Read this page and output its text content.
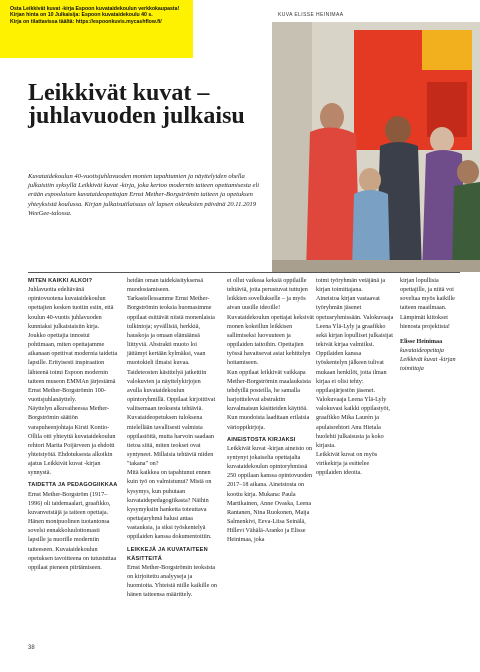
Osta Leikkivät kuvat -kirja Espoon kuvataidekoulun verkkokaupasta!

Kirjan hinta on 10 Julkaisija: Espoon kuvataidekoulu 40 s.

Kirja on tilattavissa täältä: https://espoonkuvis.mycashflow.fi/

KUVA ELISSE HEINIMAA
Leikkivät kuvat – juhlavuoden julkaisu

Kuvataidekoulun 40-vuotisjuhlavuoden monien tapahtumien ja näyttelyiden ohella julkaistiin syksyllä Leikkivät kuvat -kirja, joka kertoo modernin taiteen opettamisesta eli erään espoolaisen kuvataideopettajan Ernst Mether-Borgströmin taiteen ja opetuksen yhteyksistä koulussa. Kirjan julkaisutilaisuus oli lapsen oikeuksien päivänä 20.11.2019 WeeGee-talossa.

MITEN KAIKKI ALKOI?

Juhlavuotta edeltävänä opintovuotena kuvataidekoulun opettajien kesken tuotiin esiin, että koulun 40-vuotis juhlavuoden kunniaksi julkaistaisiin kirja. Joukko opettajia innostui pohtimaan, miten opettajamme aikanaan opettivat modernia taidetta lapsille. Erityisesti inspiraation lähteenä toimi Espoon modernin taiteen museon EMMAn järjestämä Ernst Mether-Borgströmin 100-vuotisjuhlanäyttely.

Näyttelyn alkuvaiheessa Mether-Borgströmin säätiön varapuheenjohtaja Kirsti Kontio-Ollila otti yhteyttä kuvataidekoulun rehtori Marita Poijärveen ja ehdotti yhteistyötä. Ehdotuksesta alkoikin ajatus Leikkivät kuvat -kirjan synnystä.

TAIDETTA JA PEDAGOGIIKKAA

Ernst Mether-Borgström (1917–1996) oli taidemaalari, graafikko, kuvanveistäjä ja taiteen opettaja. Hänen monipuolinen tuotantonsa sovelsi ennakkoluulottomasti lapsille ja nuorille moderniin taiteeseen. Kuvataidekoulun opetuksen tavoitteena on tutustuttaa oppilaat pieneen piirtämiseen.

heidän oman taidekäsityksensä muodostamiseen.

Tarkastellessamme Ernst Mether-Borgströmin teoksia huomasimme oppilaat esittävät niistä monenlaisia tulkintoja; syvällisiä, herkkiä, hauskoja ja omaan elämäänsä liittyviä. Abstrakti muoto loi jättämyt kertään kylmäksi, vaan muotokieli ilmaisi kuvaa.

Taideteosten käsittelyä jatkettiin valokuvien ja näyttelykirjojen avulla kuvataidekoulun opintoryhmillä. Oppilaat kirjoittivat valitsemaan teoksesta tehtäviä.

Kuvataideopetuksen tuloksena mielellään tavallisesti valmista oppilastöitä, mutta harvoin saadaan tietoa siitä, miten teokset ovat syntyneet. Millaisia tehtäviä niiden "takana" on?

Mitä kaikkea on tapahtunut ennen kuin työ on valmistunut? Mistä on kysymys, kun puhutaan kuvataidepedagogiikasta? Näihin kysymyksiin hanketta toteuttava opettajaryhmä halusi antaa vastauksia, ja siksi työskentelyä oppilaiden kanssa dokumentoitiin.

LEIKKEJÄ JA KUVATAITEEN KÄSITTEITÄ

Ernst Mether-Borgströmin teoksista on kirjoitettu analyyseja ja huomioita. Yhteistä niille kaikille on hänen taiteensa määrittely.

ei ollut vaikeaa keksiä oppilaille tehtäviä, joita perustuvat tuttujen leikkien sovellukselle – ja myös aivan uusille ideoille!

Kuvataidekoulun opettajat keksivät monen kokeillun leikkisen sallimiseksi luovuuteen ja oppilaiden taitoihin. Opettajien työssä havaitsevat asiat kehittelyn hoitamiseen.

Kun oppilaat leikkivät vaikkapa Mether-Borgströmin maalauksista tehdyillä posteilla, he samalla harjoittelevat abstraktin kuvalmaisun käsitteiden käyttöä. Kun muodoista laaditaan erilaisia värioppikirjoja.

AINEISTOSTA KIRJAKSI

Leikkivät kuvat -kirjan aineisto on syntynyt jokaiselta opettajalta kuvataidekoulun opintoryhmissä 250 oppilaan kanssa opintovuoden 2017–18 aikana. Aineistosta on koottu kirja. Mukana: Paula Martikainen, Anne Ovaska, Leena Rantanen, Nina Ruokonen, Maija Salmenkivi, Eeva-Liisa Seinälä, Hillevi Vähälä-Aranko ja Elisse Heinimaa, joka

toimi työryhmän vetäjänä ja kirjan toimittajana.

Aineistoa kirjan vastaavat työryhmän jäsenet opetusryhmissään. Valokuvaaja Leena Ylä-Lyly ja graafikko sekä kirjan lopulliset julkaisijat tekivät kirjaa valmiiksi.

Oppilaiden kanssa työskentelyn jälkeen tulivat mukaan henkilöt, joita ilman kirjaa ei olisi tehty: oppilasjärjestön jäsenet. Valokuvaaja Leena Ylä-Lyly valokuvasi kaikki oppilastyöt, graafikko Mika Laurén ja apulaisrehtori Anu Hietala huolehti julkaisusta ja koko kirjasta.

Leikkivät kuvat on myös virikekirja ja esittelee oppilaiden ideoita.

kirjan lopullisia opettajille, ja niitä voi soveltaa myös kaikille taiteen maailmaan.

Lämpimät kiitokset hienosta projektista!

Elisse Heinimaa

kuvataideopettaja

Leikkivät kuvat -kirjan toimittaja

38
